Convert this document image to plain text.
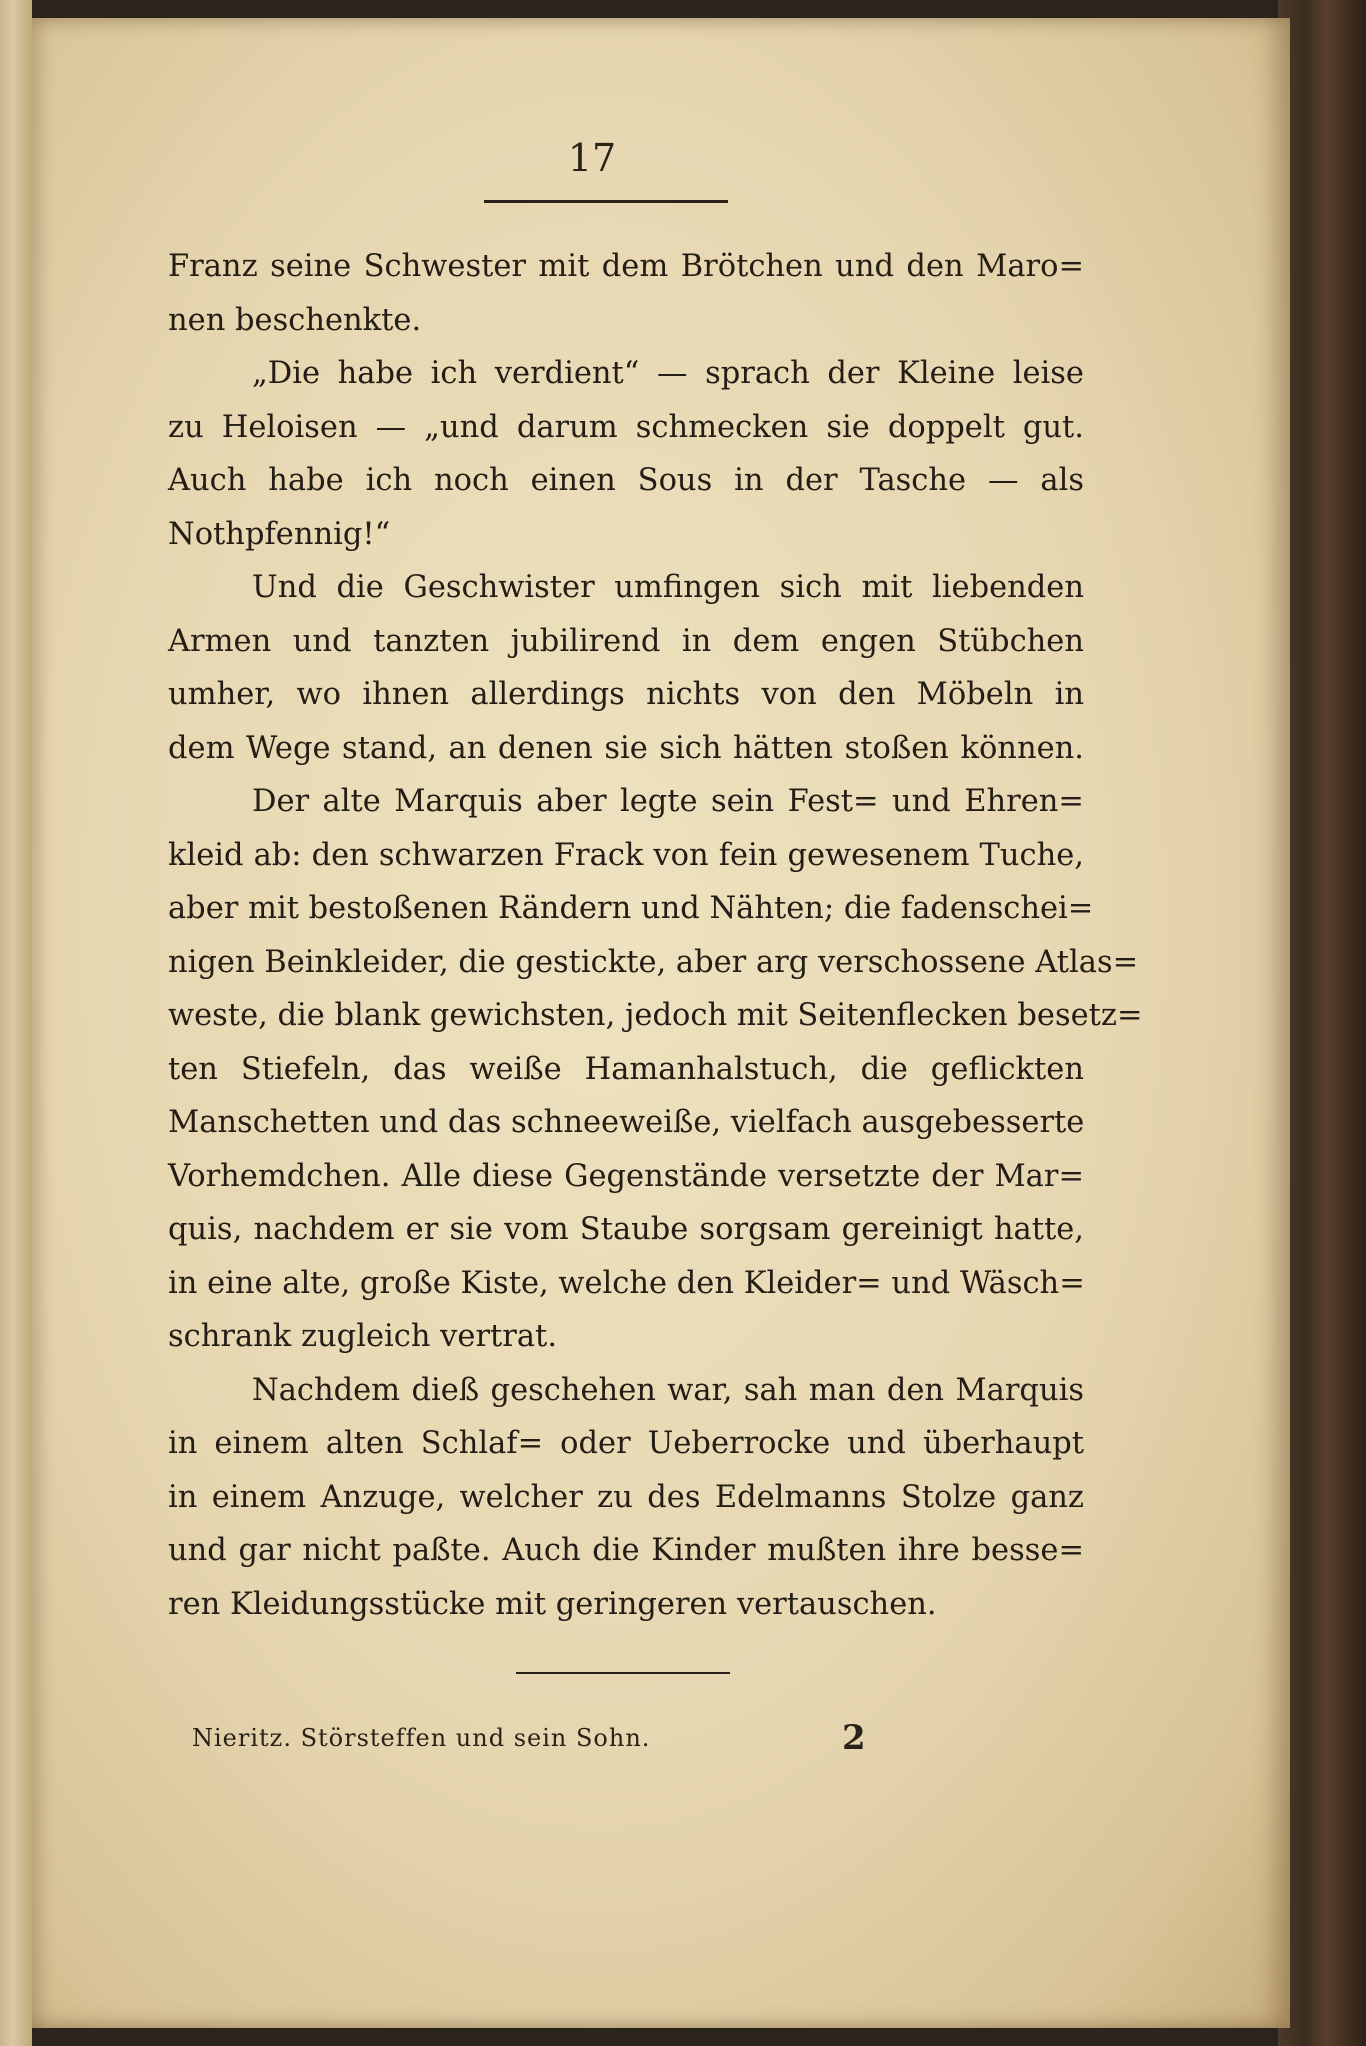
17
Franz seine Schwester mit dem Brötchen und den Maro=
nen beschenkte.
„Die habe ich verdient“ — sprach der Kleine leise
zu Heloisen — „und darum schmecken sie doppelt gut.
Auch habe ich noch einen Sous in der Tasche — als
Nothpfennig!“
Und die Geschwister umfingen sich mit liebenden
Armen und tanzten jubilirend in dem engen Stübchen
umher, wo ihnen allerdings nichts von den Möbeln in
dem Wege stand, an denen sie sich hätten stoßen können.
Der alte Marquis aber legte sein Fest= und Ehren=
kleid ab: den schwarzen Frack von fein gewesenem Tuche,
aber mit bestoßenen Rändern und Nähten; die fadenschei=
nigen Beinkleider, die gestickte, aber arg verschossene Atlas=
weste, die blank gewichsten, jedoch mit Seitenflecken besetz=
ten Stiefeln, das weiße Hamanhalstuch, die geflickten
Manschetten und das schneeweiße, vielfach ausgebesserte
Vorhemdchen. Alle diese Gegenstände versetzte der Mar=
quis, nachdem er sie vom Staube sorgsam gereinigt hatte,
in eine alte, große Kiste, welche den Kleider= und Wäsch=
schrank zugleich vertrat.
Nachdem dieß geschehen war, sah man den Marquis
in einem alten Schlaf= oder Ueberrocke und überhaupt
in einem Anzuge, welcher zu des Edelmanns Stolze ganz
und gar nicht paßte. Auch die Kinder mußten ihre besse=
ren Kleidungsstücke mit geringeren vertauschen.
Nieritz. Störsteffen und sein Sohn.	2
